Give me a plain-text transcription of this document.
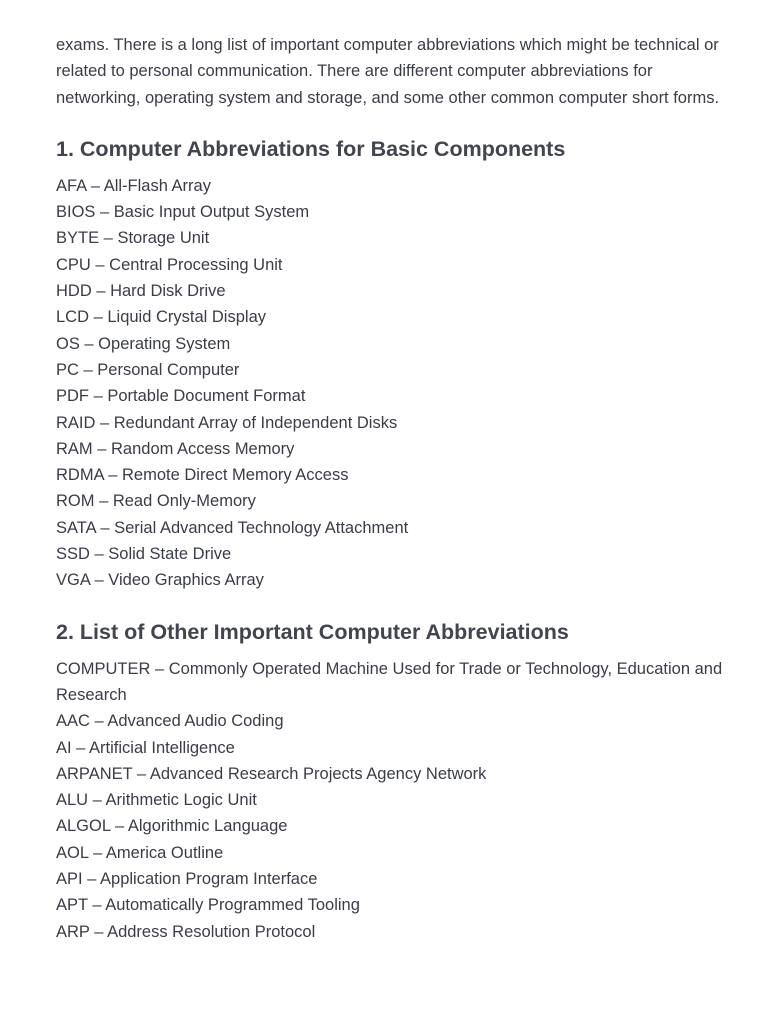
exams. There is a long list of important computer abbreviations which might be technical or related to personal communication. There are different computer abbreviations for networking, operating system and storage, and some other common computer short forms.

1. Computer Abbreviations for Basic Components
AFA – All-Flash Array
BIOS – Basic Input Output System
BYTE – Storage Unit
CPU – Central Processing Unit
HDD – Hard Disk Drive
LCD – Liquid Crystal Display
OS – Operating System
PC – Personal Computer
PDF – Portable Document Format
RAID – Redundant Array of Independent Disks
RAM – Random Access Memory
RDMA – Remote Direct Memory Access
ROM – Read Only-Memory
SATA – Serial Advanced Technology Attachment
SSD – Solid State Drive
VGA – Video Graphics Array
2. List of Other Important Computer Abbreviations
COMPUTER – Commonly Operated Machine Used for Trade or Technology, Education and Research
AAC – Advanced Audio Coding
AI – Artificial Intelligence
ARPANET – Advanced Research Projects Agency Network
ALU – Arithmetic Logic Unit
ALGOL – Algorithmic Language
AOL – America Outline
API – Application Program Interface
APT – Automatically Programmed Tooling
ARP – Address Resolution Protocol
